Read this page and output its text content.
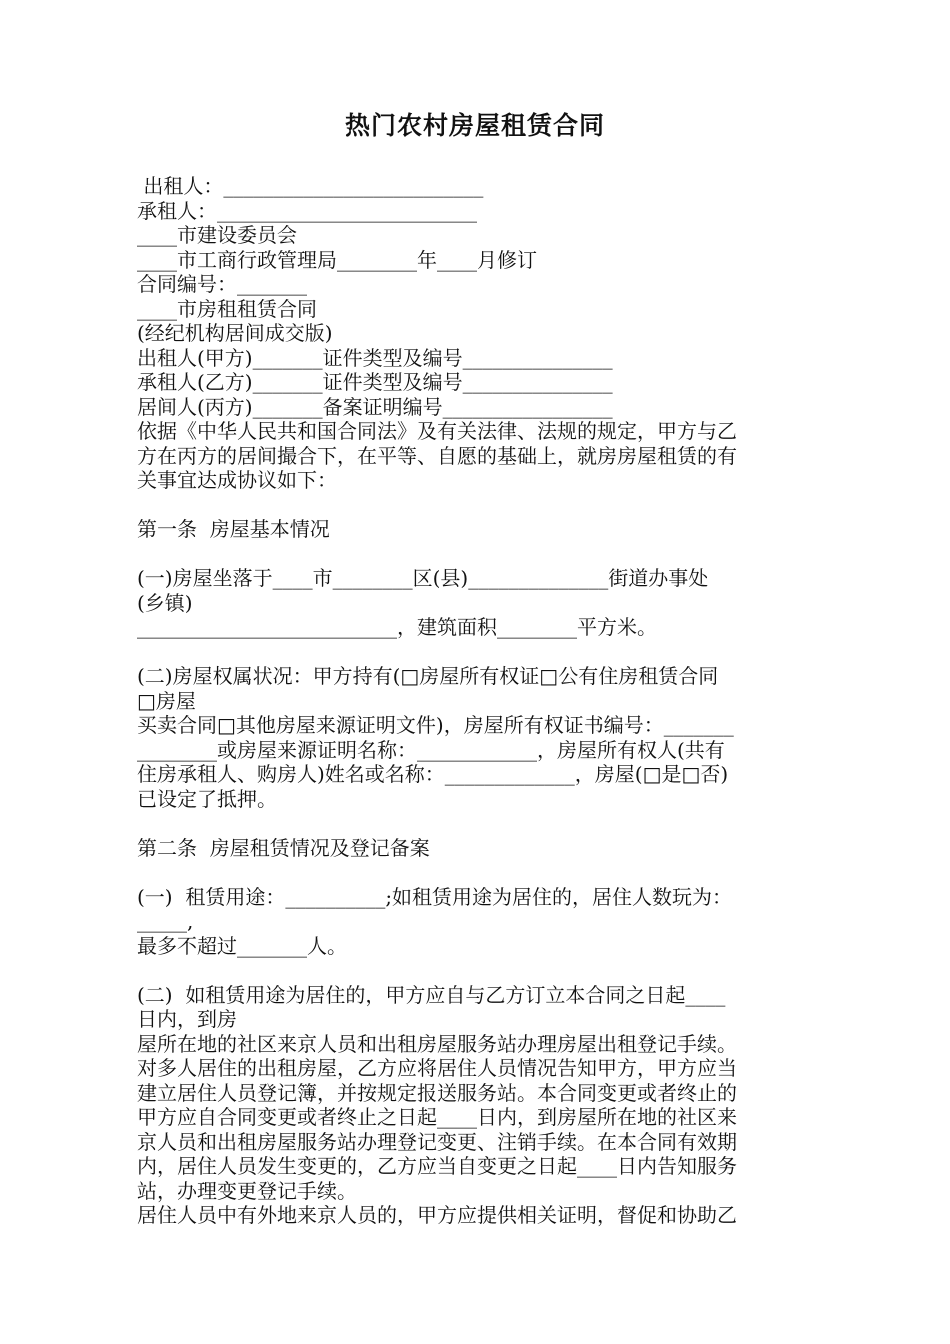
热门农村房屋租赁合同
出租人：__________________________
承租人：__________________________
____市建设委员会
____市工商行政管理局________年____月修订
合同编号：_______
____市房租租赁合同
(经纪机构居间成交版)
出租人(甲方)_______证件类型及编号_______________
承租人(乙方)_______证件类型及编号_______________
居间人(丙方)_______备案证明编号_________________
依据《中华人民共和国合同法》及有关法律、法规的规定，甲方与乙
方在丙方的居间撮合下，在平等、自愿的基础上，就房房屋租赁的有
关事宜达成协议如下：
第一条  房屋基本情况
(一)房屋坐落于____市________区(县)______________街道办事处
(乡镇)
__________________________，建筑面积________平方米。
(二)房屋权属状况：甲方持有(□房屋所有权证□公有住房租赁合同
□房屋
买卖合同□其他房屋来源证明文件)，房屋所有权证书编号：_______
________或房屋来源证明名称：____________，房屋所有权人(共有
住房承租人、购房人)姓名或名称：_____________，房屋(□是□否)
已设定了抵押。
第二条  房屋租赁情况及登记备案
(一)  租赁用途：__________;如租赁用途为居住的，居住人数玩为：
_____,
最多不超过_______人。
(二)  如租赁用途为居住的，甲方应自与乙方订立本合同之日起____
日内，到房
屋所在地的社区来京人员和出租房屋服务站办理房屋出租登记手续。
对多人居住的出租房屋，乙方应将居住人员情况告知甲方，甲方应当
建立居住人员登记簿，并按规定报送服务站。本合同变更或者终止的
甲方应自合同变更或者终止之日起____日内，到房屋所在地的社区来
京人员和出租房屋服务站办理登记变更、注销手续。在本合同有效期
内，居住人员发生变更的，乙方应当自变更之日起____日内告知服务
站，办理变更登记手续。
居住人员中有外地来京人员的，甲方应提供相关证明，督促和协助乙
